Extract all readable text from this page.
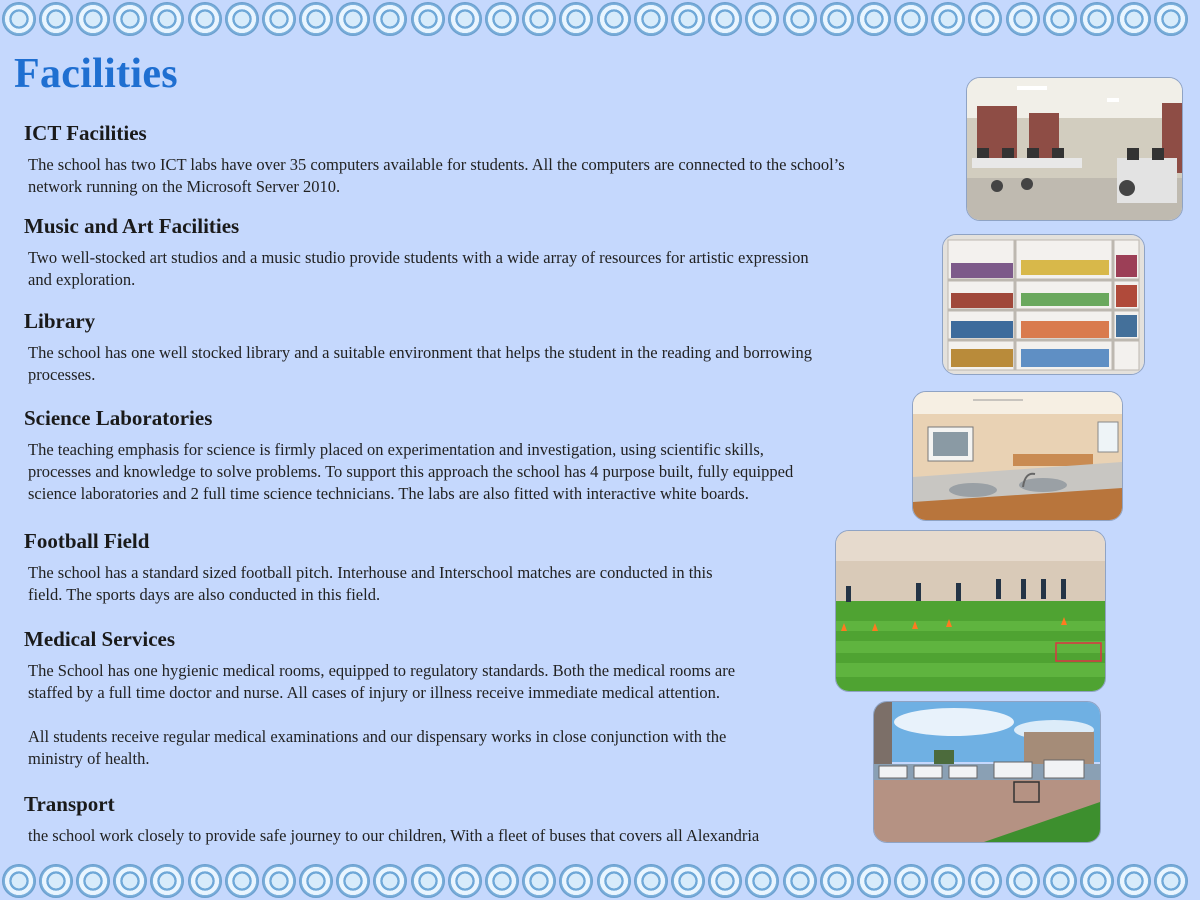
Facilities
ICT Facilities

The school has two ICT labs have over 35 computers available for students. All the computers are connected to the school’s
network running on the Microsoft Server 2010.

Music and Art Facilities

Two well-stocked art studios and a music studio provide students with a wide array of resources for artistic expression
and exploration.

Library

The school has one well stocked library and a suitable environment that helps the student in the reading and borrowing
processes.

Science Laboratories

The teaching emphasis for science is firmly placed on experimentation and investigation, using scientific skills,
processes and knowledge to solve problems. To support this approach the school has 4 purpose built, fully equipped
science laboratories and 2 full time science technicians. The labs are also fitted with interactive white boards.

Football Field

The school has a standard sized football pitch. Interhouse and Interschool matches are conducted in this
field. The sports days are also conducted in this field.

Medical Services

The School has one hygienic medical rooms, equipped to regulatory standards. Both the medical rooms are
staffed by a full time doctor and nurse. All cases of injury or illness receive immediate medical attention.

All students receive regular medical examinations and our dispensary works in close conjunction with the
ministry of health.

Transport

the school work closely to provide safe journey to our children, With a fleet of buses that covers all Alexandria
